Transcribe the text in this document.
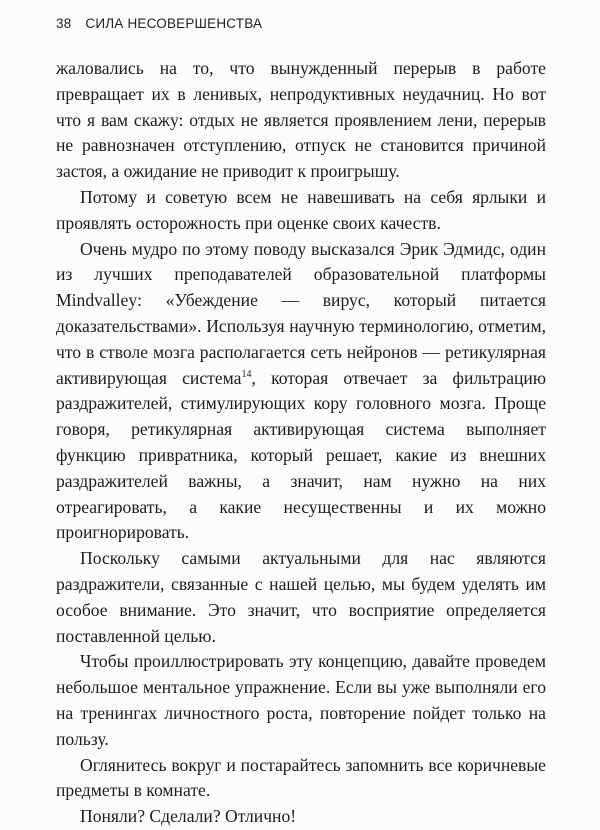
38 СИЛА НЕСОВЕРШЕНСТВА

жаловались на то, что вынужденный перерыв в работе превращает их в ленивых, непродуктивных неудачниц. Но вот что я вам скажу: отдых не является проявлением лени, перерыв не равнозначен отступлению, отпуск не становится причиной застоя, а ожидание не приводит к проигрышу.

Потому и советую всем не навешивать на себя ярлыки и проявлять осторожность при оценке своих качеств.

Очень мудро по этому поводу высказался Эрик Эдмидс, один из лучших преподавателей образовательной платформы Mindvalley: «Убеждение — вирус, который питается доказательствами». Используя научную терминологию, отметим, что в стволе мозга располагается сеть нейронов — ретикулярная активирующая система$^{14}$, которая отвечает за фильтрацию раздражителей, стимулирующих кору головного мозга. Проще говоря, ретикулярная активирующая система выполняет функцию привратника, который решает, какие из внешних раздражителей важны, а значит, нам нужно на них отреагировать, а какие несущественны и их можно проигнорировать.

Поскольку самыми актуальными для нас являются раздражители, связанные с нашей целью, мы будем уделять им особое внимание. Это значит, что восприятие определяется поставленной целью.

Чтобы проиллюстрировать эту концепцию, давайте проведем небольшое ментальное упражнение. Если вы уже выполняли его на тренингах личностного роста, повторение пойдет только на пользу.

Оглянитесь вокруг и постарайтесь запомнить все коричневые предметы в комнате.

Поняли? Сделали? Отлично!
